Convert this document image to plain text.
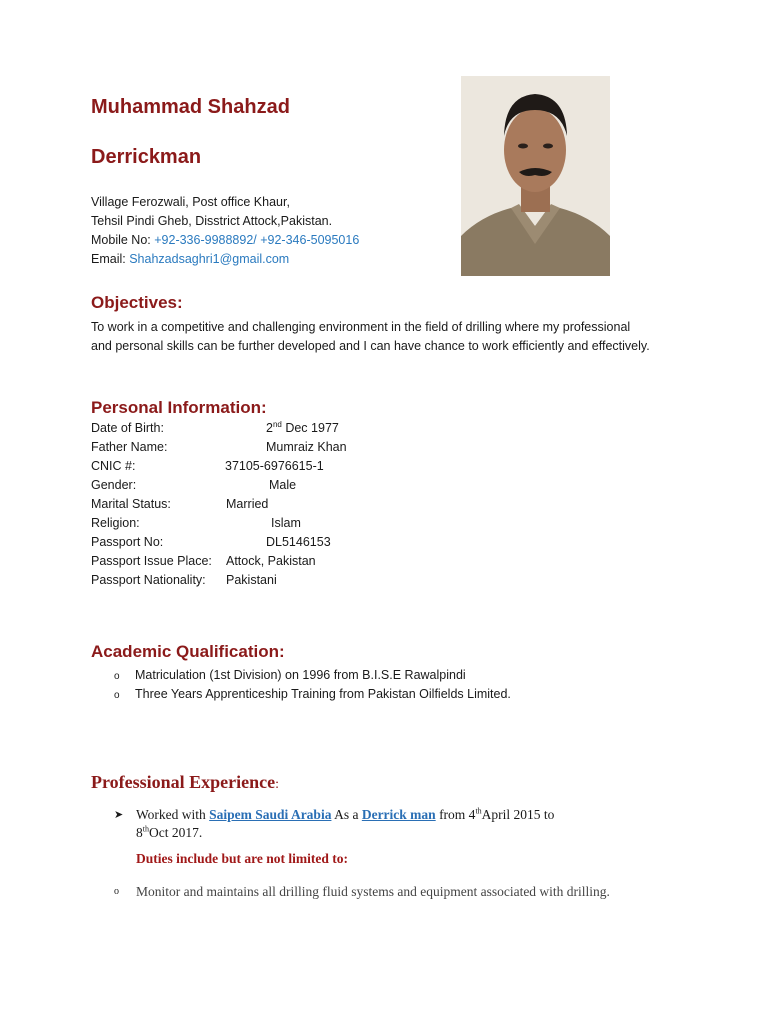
Muhammad Shahzad
Derrickman
Village Ferozwali, Post office Khaur,
Tehsil Pindi Gheb, Disstrict Attock,Pakistan.
Mobile No: +92-336-9988892/ +92-346-5095016
Email: Shahzadsaghri1@gmail.com
Objectives:
To work in a competitive and challenging environment in the field of drilling where my professional and personal skills can be further developed and I can have chance to work efficiently and effectively.
Personal Information:
Date of Birth:	2nd Dec 1977
Father Name:	Mumraiz Khan
CNIC #:	37105-6976615-1
Gender:	Male
Marital Status:	Married
Religion:	Islam
Passport No:	DL5146153
Passport Issue Place: Attock, Pakistan
Passport Nationality: Pakistani
Academic Qualification:
o Matriculation (1st Division) on 1996 from B.I.S.E Rawalpindi
o Three Years Apprenticeship Training from Pakistan Oilfields Limited.
Professional Experience:
➤ Worked with Saipem Saudi Arabia As a Derrick man from 4thApril 2015 to
8thOct 2017.
Duties include but are not limited to:
o	Monitor and maintains all drilling fluid systems and equipment associated with drilling.
